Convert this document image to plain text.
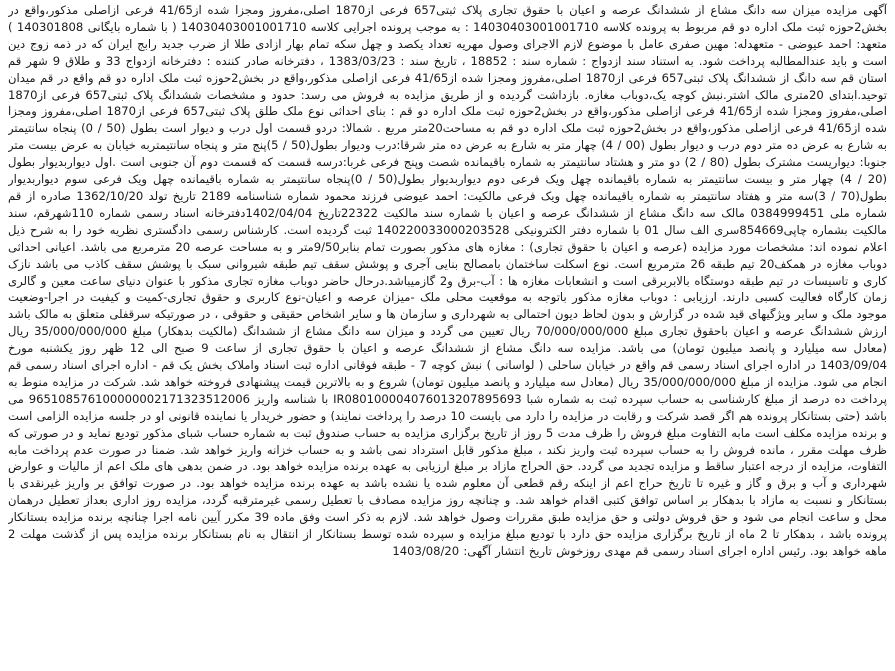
آگهی مزایده میزان سه دانگ مشاع از ششدانگ عرصه و اعیان با حقوق تجاری پلاک ثبتی657 فرعی از1870 اصلی،مفروز ومجزا شده از41/65 فرعی ازاصلی مذکور،واقع در بخش2حوزه ثبت ملک اداره دو قم مربوط به پرونده کلاسه 14030403001001710 : به موجب پرونده اجرایی کلاسه 14030403001001710 ( با شماره بایگانی 140301808 ) متعهد: احمد عیوضی - متعهدله: مهین صفری عامل با موضوع لازم الاجرای وصول مهریه تعداد یکصد و چهل سکه تمام بهار ازادی طلا از ضرب جدید رابج ایران که در ذمه زوج دین است و باید عندالمطالبه پرداخت شود. به استناد سند ازدواج : شماره سند : 18852 ، تاریخ سند : 1383/03/23 ، دفترخانه صادر کننده : دفترخانه ازدواج 33 و طلاق 9 شهر قم استان قم سه دانگ از ششدانگ پلاک ثبتی657 فرعی از1870 اصلی،مفروز ومجزا شده از41/65 فرعی ازاصلی مذکور،واقع در بخش2حوزه ثبت ملک اداره دو قم واقع در قم میدان توحید.ابتدای 20متری مالک اشتر.نبش کوچه یک،دوباب مغازه. بازداشت گردیده و از طریق مزایده به فروش می رسد: حدود و مشخصات ششدانگ پلاک ثبتی657 فرعی از1870 اصلی،مفروز ومجزا شده از41/65 فرعی ازاصلی مذکور،واقع در بخش2حوزه ثبت ملک اداره دو قم : بنای احداثی نوع ملک طلق پلاک ثبتی657 فرعی از1870 اصلی،مفروز ومجزا شده از41/65 فرعی ازاصلی مذکور،واقع در بخش2حوزه ثبت ملک اداره دو قم به مساحت20متر مربع . شمالا: دردو قسمت اول درب و دیوار است بطول (50 / 0) پنجاه سانتیمتر به شارع به عرض ده متر دوم درب و دیوار بطول (00 / 4) چهار متر به شارع به عرض ده متر شرقا:درب ودیوار بطول(50 / 5)پنج متر و پنجاه سانتیمتربه خیابان به عرض بیست متر جنوبا: دیواریست مشترک بطول (80 / 2) دو متر و هشتاد سانتیمتر به شماره باقیمانده شصت وپنج فرعی غربا:درسه قسمت که قسمت دوم آن جنوبی است .اول دیواربدیوار بطول (20 / 4) چهار متر و بیست سانتیمتر به شماره باقیمانده چهل ویک فرعی دوم دیواربدیوار بطول(50 / 0)پنجاه سانتیمتر به شماره باقیمانده چهل ویک فرعی سوم دیواربدیوار بطول(70 / 3)سه متر و هفتاد سانتیمتر به شماره باقیمانده چهل ویک فرعی مالکیت: احمد عیوضی فرزند محمود شماره شناسنامه 2189 تاریخ تولد 1362/10/20 صادره از قم شماره ملی 0384999451 مالک سه دانگ مشاع از ششدانگ عرصه و اعیان با شماره سند مالکیت 22322تاریخ 1402/04/04دفترخانه اسناد رسمی شماره 110شهرقم، سند مالکیت بشماره چاپی854669سری الف سال 01 با شماره دفتر الکترونیکی 140220033000203528 ثبت گردیده است. کارشناس رسمی دادگستری نظریه خود را به شرح ذیل اعلام نموده اند: مشخصات مورد مزایده (عرصه و اعیان با حقوق تجاری) : مغازه های مذکور بصورت تمام بنابر9/50متر و به مساحت عرصه 20 مترمربع می باشد. اعیانی احداثی دوباب مغازه در همکف20 تیم طبقه 26 مترمربع است. نوع اسکلت ساختمان بامصالح بنایی آجری و پوشش سقف تیم طبقه شیروانی سبک با پوشش سقف کاذب می باشد نازک کاری و تاسیسات در تیم طبقه دوستگاه بالابربرقی است و انشعابات مغازه ها : آب-برق و2 گازمیباشد.درحال حاضر دوباب مغازه تجاری مذکور با عنوان دنیای ساعت معین و گالری زمان کارگاه فعالیت کسبی دارند. ارزیابی : دوباب مغازه مذکور باتوجه به موقعیت محلی ملک -میزان عرصه و اعیان-نوع کاربری و حقوق تجاری-کمیت و کیفیت در اجرا-وضعیت موجود ملک و سایر ویژگیهای قید شده در گزارش و بدون لحاظ دیون احتمالی به شهرداری و سازمان ها و سایر اشخاص حقیقی و حقوقی ، در صورتیکه سرقفلی متعلق به مالک باشد ارزش ششدانگ عرصه و اعیان باحقوق تجاری مبلغ 70/000/000/000 ریال تعیین می گردد و میزان سه دانگ مشاع از ششدانگ (مالکیت بدهکار) مبلغ 35/000/000/000 ریال (معادل سه میلیارد و پانصد میلیون تومان) می باشد. مزایده سه دانگ مشاع از ششدانگ عرصه و اعیان با حقوق تجاری از ساعت 9 صبح الی 12 ظهر روز یکشنبه مورخ 1403/09/04 در اداره اجرای اسناد رسمی قم واقع در خیابان ساحلی ( لواسانی ) نبش کوچه 7 - طبقه فوقانی اداره ثبت اسناد واملاک بخش یک قم - اداره اجرای اسناد رسمی قم انجام می شود. مزایده از مبلغ 35/000/000/000 ریال (معادل سه میلیارد و پانصد میلیون تومان) شروع و به بالاترین قیمت پیشنهادی فروخته خواهد شد. شرکت در مزایده منوط به پرداخت ده درصد از مبلغ کارشناسی به حساب سپرده ثبت به شماره شبا IR080100004076013207895693 با شناسه واریز 965108576100000002171323512006 می باشد (حتی بستانکار پرونده هم اگر قصد شرکت و رقابت در مزایده را دارد می بایست 10 درصد را پرداخت نمایند) و حضور خریدار یا نماینده قانونی او در جلسه مزایده الزامی است و برنده مزایده مکلف است مابه التفاوت مبلغ فروش را ظرف مدت 5 روز از تاریخ برگزاری مزایده به حساب صندوق ثبت به شماره حساب شبای مذکور تودیع نماید و در صورتی که ظرف مهلت مقرر ، مانده فروش را به حساب سپرده ثبت واریز نکند ، مبلغ مذکور قابل استرداد نمی باشد و به حساب خزانه واریز خواهد شد. ضمنا در صورت عدم پرداخت مابه التفاوت، مزایده از درجه اعتبار ساقط و مزایده تجدید می گردد. حق الحراج مازاد بر مبلغ ارزیابی به عهده برنده مزایده خواهد بود. در ضمن بدهی های ملک اعم از مالیات و عوارض شهرداری و آب و برق و گاز و غیره تا تاریخ حراج اعم از اینکه رقم قطعی آن معلوم شده یا نشده باشد به عهده برنده مزایده خواهد بود. در صورت توافق بر واریز غیرنقدی با بستانکار و نسبت به مازاد با بدهکار بر اساس توافق کتبی اقدام خواهد شد. و چنانچه روز مزایده مصادف با تعطیل رسمی غیرمترقبه گردد، مزایده روز اداری بعداز تعطیل درهمان محل و ساعت انجام می شود و حق فروش دولتی و حق مزایده طبق مقررات وصول خواهد شد. لازم به ذکر است وفق ماده 39 مکرر آیین نامه اجرا چنانچه برنده مزایده بستانکار پرونده باشد ، بدهکار تا 2 ماه از تاریخ برگزاری مزایده حق دارد با تودیع مبلغ مزایده و سپرده شده توسط بستانکار از انتقال به نام بستانکار برنده مزایده پس از گذشت مهلت 2 ماهه خواهد بود. رئیس اداره اجرای اسناد رسمی قم مهدی روزخوش تاریخ انتشار آگهی: 1403/08/20
